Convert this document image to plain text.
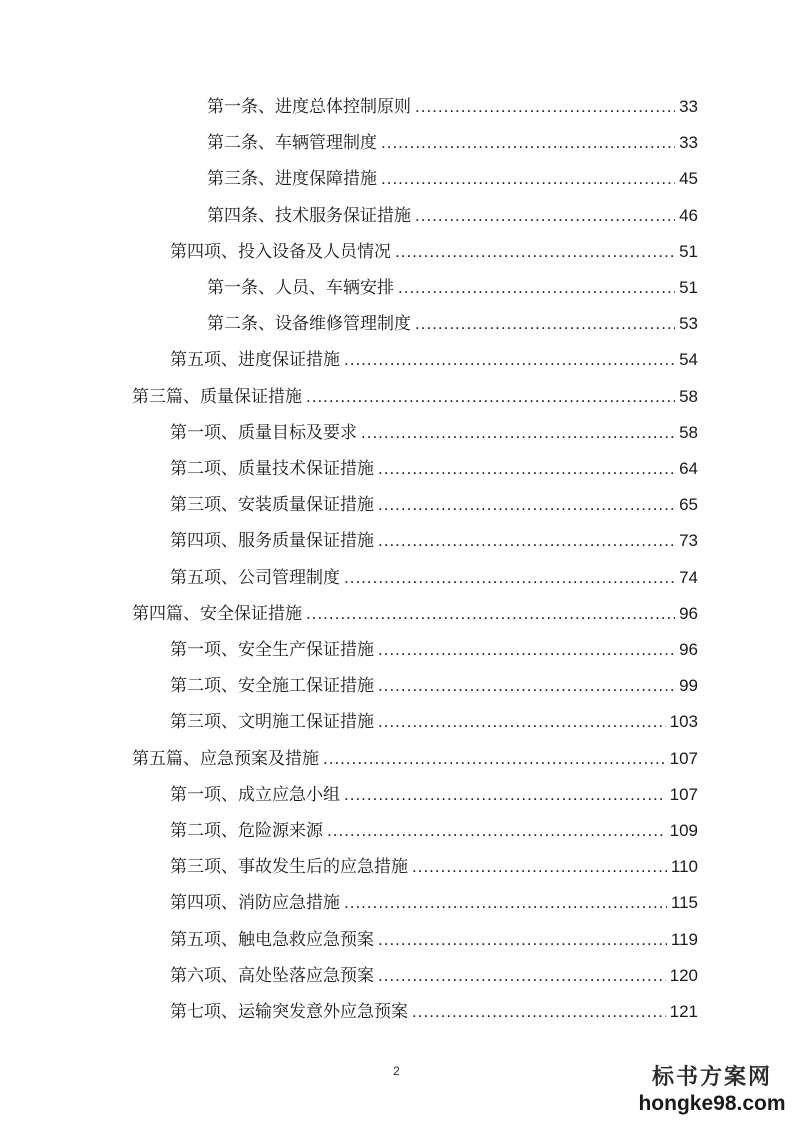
第一条、进度总体控制原则 .....	33
第二条、车辆管理制度 .....	33
第三条、进度保障措施 .....	45
第四条、技术服务保证措施 .....	46
第四项、投入设备及人员情况 .....	51
第一条、人员、车辆安排 .....	51
第二条、设备维修管理制度 .....	53
第五项、进度保证措施 .....	54
第三篇、质量保证措施 .....	58
第一项、质量目标及要求 .....	58
第二项、质量技术保证措施 .....	64
第三项、安装质量保证措施 .....	65
第四项、服务质量保证措施 .....	73
第五项、公司管理制度 .....	74
第四篇、安全保证措施 .....	96
第一项、安全生产保证措施 .....	96
第二项、安全施工保证措施 .....	99
第三项、文明施工保证措施 .....	103
第五篇、应急预案及措施 .....	107
第一项、成立应急小组 .....	107
第二项、危险源来源 .....	109
第三项、事故发生后的应急措施 .....	110
第四项、消防应急措施 .....	115
第五项、触电急救应急预案 .....	119
第六项、高处坠落应急预案 .....	120
第七项、运输突发意外应急预案 .....	121
2	标书方案网
hongke98.com
